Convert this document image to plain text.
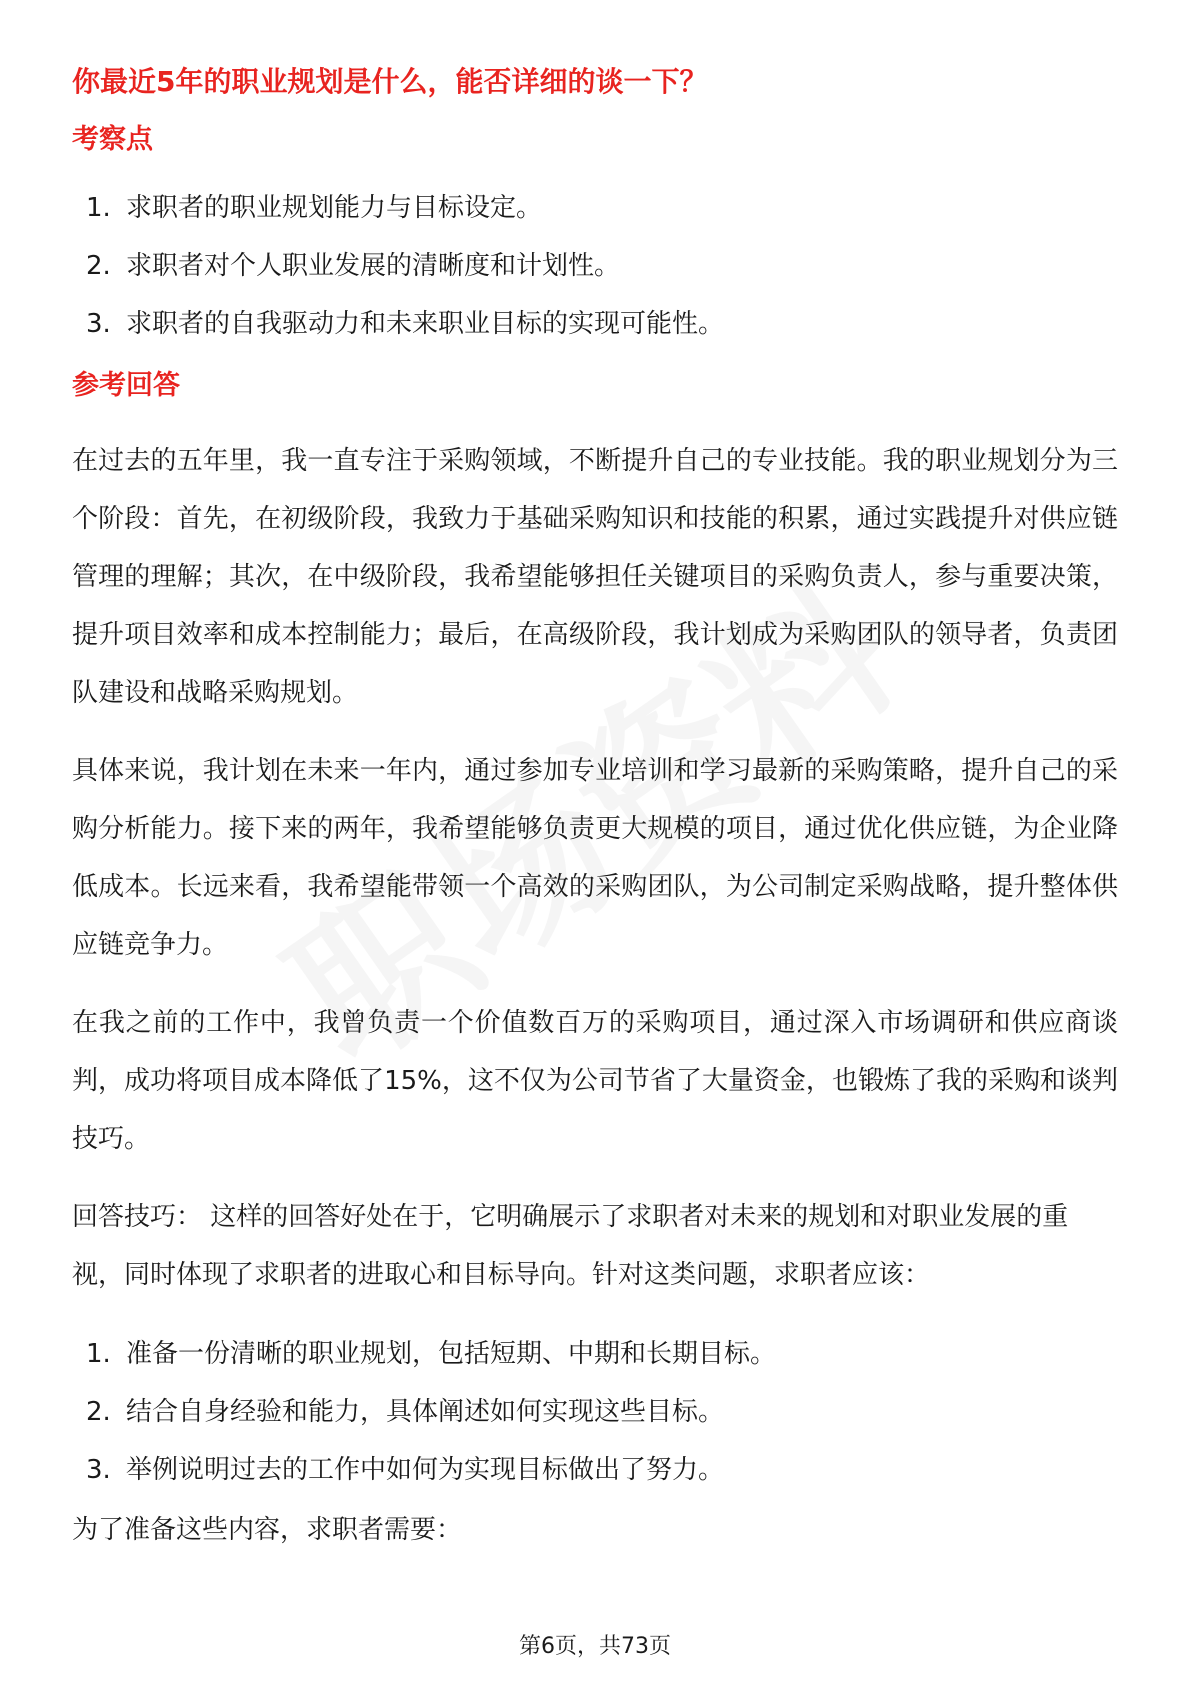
你最近5年的职业规划是什么，能否详细的谈一下？
考察点
1. 求职者的职业规划能力与目标设定。
2. 求职者对个人职业发展的清晰度和计划性。
3. 求职者的自我驱动力和未来职业目标的实现可能性。
参考回答

在过去的五年里，我一直专注于采购领域，不断提升自己的专业技能。我的职业规划分为三个阶段：首先，在初级阶段，我致力于基础采购知识和技能的积累，通过实践提升对供应链管理的理解；其次，在中级阶段，我希望能够担任关键项目的采购负责人，参与重要决策，提升项目效率和成本控制能力；最后，在高级阶段，我计划成为采购团队的领导者，负责团队建设和战略采购规划。

具体来说，我计划在未来一年内，通过参加专业培训和学习最新的采购策略，提升自己的采购分析能力。接下来的两年，我希望能够负责更大规模的项目，通过优化供应链，为企业降低成本。长远来看，我希望能带领一个高效的采购团队，为公司制定采购战略，提升整体供应链竞争力。

在我之前的工作中，我曾负责一个价值数百万的采购项目，通过深入市场调研和供应商谈判，成功将项目成本降低了15%，这不仅为公司节省了大量资金，也锻炼了我的采购和谈判技巧。

回答技巧： 这样的回答好处在于，它明确展示了求职者对未来的规划和对职业发展的重视，同时体现了求职者的进取心和目标导向。针对这类问题，求职者应该：

1. 准备一份清晰的职业规划，包括短期、中期和长期目标。
2. 结合自身经验和能力，具体阐述如何实现这些目标。
3. 举例说明过去的工作中如何为实现目标做出了努力。

为了准备这些内容，求职者需要：

第6页，共73页
